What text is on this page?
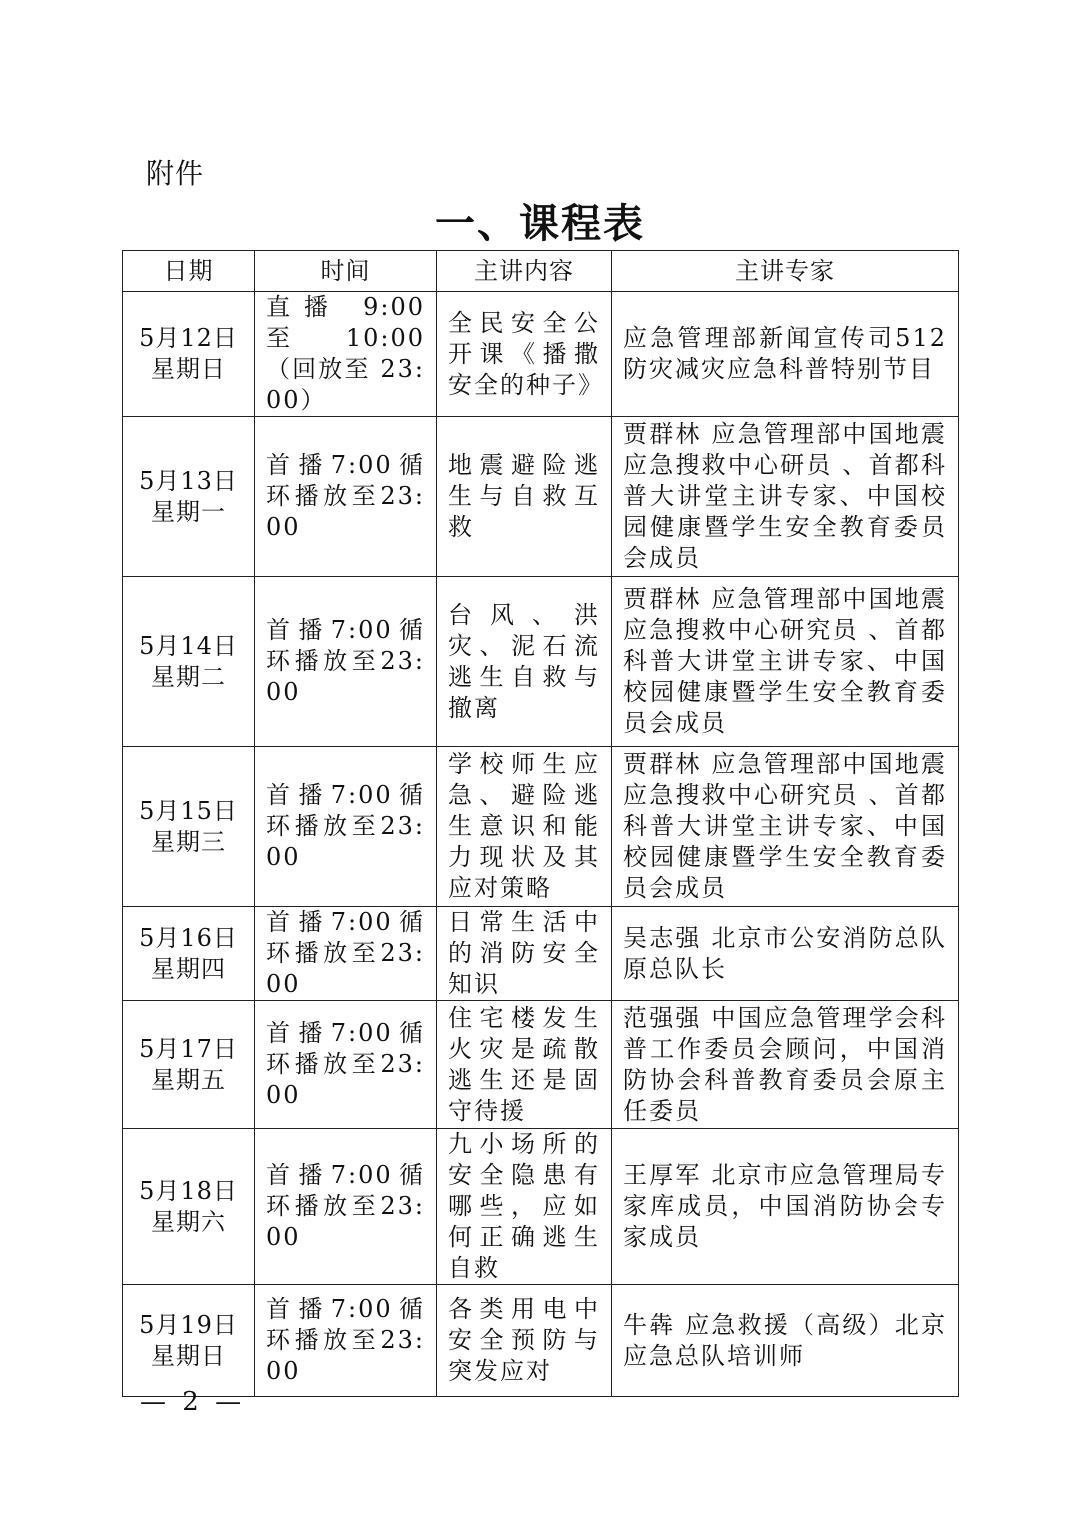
附件
一、课程表
日期	时间	主讲内容	主讲专家

5月12日
星期日	直播 9:00 至 10:00（回放至 23:00）	全民安全公开课《播撒安全的种子》	应急管理部新闻宣传司512防灾减灾应急科普特别节目

5月13日
星期一	首播7:00循环播放至23:00	地震避险逃生与自救互救	贾群林 应急管理部中国地震应急搜救中心研员 、首都科普大讲堂主讲专家、中国校园健康暨学生安全教育委员会成员

5月14日
星期二	首播7:00循环播放至23:00	台风、洪灾、泥石流逃生自救与撤离	贾群林 应急管理部中国地震应急搜救中心研究员 、首都科普大讲堂主讲专家、中国校园健康暨学生安全教育委员会成员

5月15日
星期三	首播7:00循环播放至23:00	学校师生应急、避险逃生意识和能力现状及其应对策略	贾群林 应急管理部中国地震应急搜救中心研究员 、首都科普大讲堂主讲专家、中国校园健康暨学生安全教育委员会成员

5月16日
星期四	首播7:00循环播放至23:00	日常生活中的消防安全知识	吴志强 北京市公安消防总队原总队长

5月17日
星期五	首播7:00循环播放至23:00	住宅楼发生火灾是疏散逃生还是固守待援	范强强 中国应急管理学会科普工作委员会顾问，中国消防协会科普教育委员会原主任委员

5月18日
星期六	首播7:00循环播放至23:00	九小场所的安全隐患有哪些，应如何正确逃生自救	王厚军 北京市应急管理局专家库成员，中国消防协会专家成员

5月19日
星期日	首播7:00循环播放至23:00	各类用电中安全预防与突发应对	牛犇 应急救援（高级）北京应急总队培训师
— 2 —
